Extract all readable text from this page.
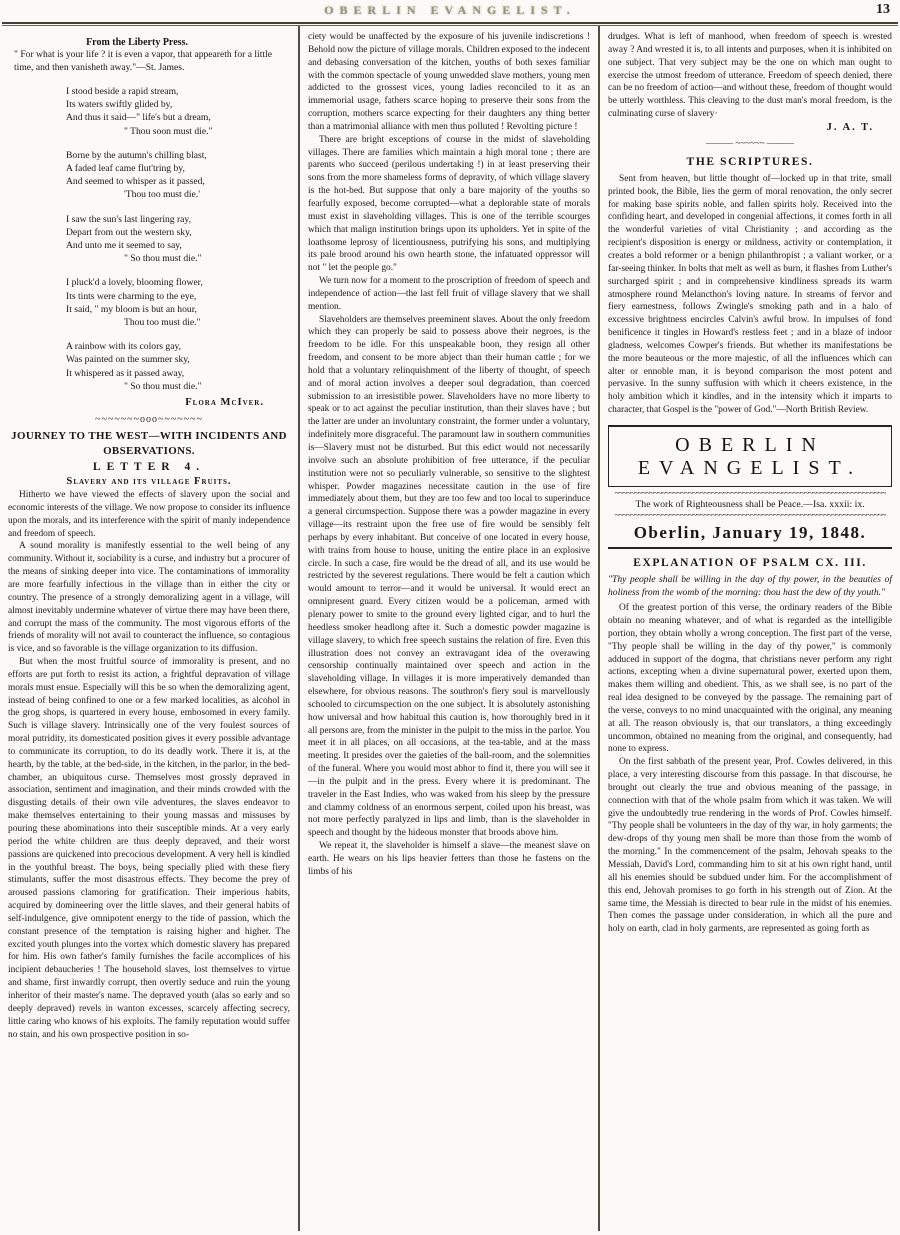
OBERLIN EVANGELIST.	13
From the Liberty Press.
" For what is your life ? it is even a vapor, that appeareth for a little time, and then vanisheth away."—St. James.
I stood beside a rapid stream,
Its waters swiftly glided by,
And thus it said—" life's but a dream,
" Thou soon must die."
Borne by the autumn's chilling blast,
A faded leaf came flut'tring by,
And seemed to whisper as it passed,
'Thou too must die.'
I saw the sun's last lingering ray,
Depart from out the western sky,
And unto me it seemed to say,
" So thou must die."
I pluck'd a lovely, blooming flower,
Its tints were charming to the eye,
It said, " my bloom is but an hour,
Thou too must die."
A rainbow with its colors gay,
Was painted on the summer sky,
It whispered as it passed away,
" So thou must die."
Flora McIver.
~~~~~~~ooo~~~~~~~
JOURNEY TO THE WEST—WITH INCIDENTS AND OBSERVATIONS.
LETTER 4.
Slavery and its village Fruits.

Hitherto we have viewed the effects of slavery upon the social and economic interests of the village. We now propose to consider its influence upon the morals, and its interference with the spirit of manly independence and freedom of speech.

A sound morality is manifestly essential to the well being of any community. Without it, sociability is a curse, and industry but a procurer of the means of sinking deeper into vice. The contaminations of immorality are more fearfully infectious in the village than in either the city or country. The presence of a strongly demoralizing agent in a village, will almost inevitably undermine whatever of virtue there may have been there, and corrupt the mass of the community. The most vigorous efforts of the friends of morality will not avail to counteract the influence, so contagious is vice, and so favorable is the village organization to its diffusion.

But when the most fruitful source of immorality is present, and no efforts are put forth to resist its action, a frightful depravation of village morals must ensue. Especially will this be so when the demoralizing agent, instead of being confined to one or a few marked localities, as alcohol in the grog shops, is quartered in every house, embosomed in every family. Such is village slavery. Intrinsically one of the very foulest sources of moral putridity, its domesticated position gives it every possible advantage to communicate its corruption, to do its deadly work. There it is, at the hearth, by the table, at the bed-side, in the kitchen, in the parlor, in the bed-chamber, an ubiquitous curse. Themselves most grossly depraved in association, sentiment and imagination, and their minds crowded with the disgusting details of their own vile adventures, the slaves endeavor to make themselves entertaining to their young massas and missuses by pouring these abominations into their susceptible minds. At a very early period the white children are thus deeply depraved, and their worst passions are quickened into precocious development. A very hell is kindled in the youthful breast. The boys, being specially plied with these fiery stimulants, suffer the most disastrous effects. They become the prey of aroused passions clamoring for gratification. Their imperious habits, acquired by domineering over the little slaves, and their general habits of self-indulgence, give omnipotent energy to the tide of passion, which the constant presence of the temptation is raising higher and higher. The excited youth plunges into the vortex which domestic slavery has prepared for him. His own father's family furnishes the facile accomplices of his incipient debaucheries ! The household slaves, lost themselves to virtue and shame, first inwardly corrupt, then overtly seduce and ruin the young inheritor of their master's name. The depraved youth (alas so early and so deeply depraved) revels in wanton excesses, scarcely affecting secrecy, little caring who knows of his exploits. The family reputation would suffer no stain, and his own prospective position in so-

ciety would be unaffected by the exposure of his juvenile indiscretions ! Behold now the picture of village morals. Children exposed to the indecent and debasing conversation of the kitchen, youths of both sexes familiar with the common spectacle of young unwedded slave mothers, young men addicted to the grossest vices, young ladies reconciled to it as an immemorial usage, fathers scarce hoping to preserve their sons from the corruption, mothers scarce expecting for their daughters any thing better than a matrimonial alliance with men thus polluted ! Revolting picture !

There are bright exceptions of course in the midst of slaveholding villages. There are families which maintain a high moral tone ; there are parents who succeed (perilous undertaking !) in at least preserving their sons from the more shameless forms of depravity, of which village slavery is the hot-bed. But suppose that only a bare majority of the youths so fearfully exposed, become corrupted—what a deplorable state of morals must exist in slaveholding villages. This is one of the terrible scourges which that malign institution brings upon its upholders. Yet in spite of the loathsome leprosy of licentiousness, putrifying his sons, and multiplying its pale brood around his own hearth stone, the infatuated oppressor will not " let the people go."

We turn now for a moment to the proscription of freedom of speech and independence of action—the last fell fruit of village slavery that we shall mention.

Slaveholders are themselves preeminent slaves. About the only freedom which they can properly be said to possess above their negroes, is the freedom to be idle. For this unspeakable boon, they resign all other freedom, and consent to be more abject than their human cattle ; for we hold that a voluntary relinquishment of the liberty of thought, of speech and of moral action involves a deeper soul degradation, than coerced submission to an irresistible power. Slaveholders have no more liberty to speak or to act against the peculiar institution, than their slaves have ; but the latter are under an involuntary constraint, the former under a voluntary, indefinitely more disgraceful. The paramount law in southern communities is—Slavery must not be disturbed. But this edict would not necessarily involve such an absolute prohibition of free utterance, if the peculiar institution were not so peculiarly vulnerable, so sensitive to the slightest whisper. Powder magazines necessitate caution in the use of fire immediately about them, but they are too few and too local to superinduce a general circumspection. Suppose there was a powder magazine in every village—its restraint upon the free use of fire would be sensibly felt perhaps by every inhabitant. But conceive of one located in every house, with trains from house to house, uniting the entire place in an explosive circle. In such a case, fire would be the dread of all, and its use would be restricted by the severest regulations. There would be felt a caution which would amount to terror—and it would be universal. It would erect an omnipresent guard. Every citizen would be a policeman, armed with plenary power to smite to the ground every lighted cigar, and to hurl the heedless smoker headlong after it. Such a domestic powder magazine is village slavery, to which free speech sustains the relation of fire. Even this illustration does not convey an extravagant idea of the overawing censorship continually maintained over speech and action in the slaveholding village. In villages it is more imperatively demanded than elsewhere, for obvious reasons. The southron's fiery soul is marvellously schooled to circumspection on the one subject. It is absolutely astonishing how universal and how habitual this caution is, how thoroughly bred in it all persons are, from the minister in the pulpit to the miss in the parlor. You meet it in all places, on all occasions, at the tea-table, and at the mass meeting. It presides over the gaieties of the ball-room, and the solemnities of the funeral. Where you would most abhor to find it, there you will see it—in the pulpit and in the press. Every where it is predominant. The traveler in the East Indies, who was waked from his sleep by the pressure and clammy coldness of an enormous serpent, coiled upon his breast, was not more perfectly paralyzed in lips and limb, than is the slaveholder in speech and thought by the hideous monster that broods above him.

We repeat it, the slaveholder is himself a slave—the meanest slave on earth. He wears on his lips heavier fetters than those he fastens on the limbs of his

drudges. What is left of manhood, when freedom of speech is wrested away ? And wrested it is, to all intents and purposes, when it is inhibited on one subject. That very subject may be the one on which man ought to exercise the utmost freedom of utterance. Freedom of speech denied, there can be no freedom of action—and without these, freedom of thought would be utterly worthless. This cleaving to the dust man's moral freedom, is the culminating curse of slavery·

J. A. T.
——— ~~~~~~ ———
THE SCRIPTURES.

Sent from heaven, but little thought of—locked up in that trite, small printed book, the Bible, lies the germ of moral renovation, the only secret for making base spirits noble, and fallen spirits holy. Received into the confiding heart, and developed in congenial affections, it comes forth in all the wonderful varieties of vital Christianity ; and according as the recipient's disposition is energy or mildness, activity or contemplation, it creates a bold reformer or a benign philanthropist ; a valiant worker, or a far-seeing thinker. In bolts that melt as well as burn, it flashes from Luther's surcharged spirit ; and in comprehensive kindliness spreads its warm atmosphere round Melancthon's loving nature. In streams of fervor and fiery earnestness, follows Zwingle's smoking path and in a halo of excessive brightness encircles Calvin's awful brow. In impulses of fond benificence it tingles in Howard's restless feet ; and in a blaze of indoor gladness, welcomes Cowper's friends. But whether its manifestations be the more beauteous or the more majestic, of all the influences which can alter or ennoble man, it is beyond comparison the most potent and pervasive. In the sunny suffusion with which it cheers existence, in the holy ambition which it kindles, and in the intensity which it imparts to character, that Gospel is the "power of God."—North British Review.

OBERLIN EVANGELIST.
~~~~~~~~~~~~~~~~~~~~~~~~~~~~~~~~~~~~~~~~~~~~~~~~~~~~~~~~~~~~~~~~~~~~~~
The work of Righteousness shall be Peace.—Isa. xxxii: ix.
~~~~~~~~~~~~~~~~~~~~~~~~~~~~~~~~~~~~~~~~~~~~~~~~~~~~~~~~~~~~~~~~~~~~~~
Oberlin, January 19, 1848.
EXPLANATION OF PSALM CX. III.

"Thy people shall be willing in the day of thy power, in the beauties of holiness from the womb of the morning: thou hast the dew of thy youth."

Of the greatest portion of this verse, the ordinary readers of the Bible obtain no meaning whatever, and of what is regarded as the intelligible portion, they obtain wholly a wrong conception. The first part of the verse, "Thy people shall be willing in the day of thy power," is commonly adduced in support of the dogma, that christians never perform any right actions, excepting when a divine supernatural power, exerted upon them, makes them willing and obedient. This, as we shall see, is no part of the real idea designed to be conveyed by the passage. The remaining part of the verse, conveys to no mind unacquainted with the original, any meaning at all. The reason obviously is, that our translators, a thing exceedingly uncommon, obtained no meaning from the original, and consequently, had none to express.

On the first sabbath of the present year, Prof. Cowles delivered, in this place, a very interesting discourse from this passage. In that discourse, he brought out clearly the true and obvious meaning of the passage, in connection with that of the whole psalm from which it was taken. We will give the undoubtedly true rendering in the words of Prof. Cowles himself. "Thy people shall be volunteers in the day of thy war, in holy garments; the dew-drops of thy young men shall be more than those from the womb of the morning." In the commencement of the psalm, Jehovah speaks to the Messiah, David's Lord, commanding him to sit at his own right hand, until all his enemies should be subdued under him. For the accomplishment of this end, Jehovah promises to go forth in his strength out of Zion. At the same time, the Messiah is directed to bear rule in the midst of his enemies. Then comes the passage under consideration, in which all the pure and holy on earth, clad in holy garments, are represented as going forth as
